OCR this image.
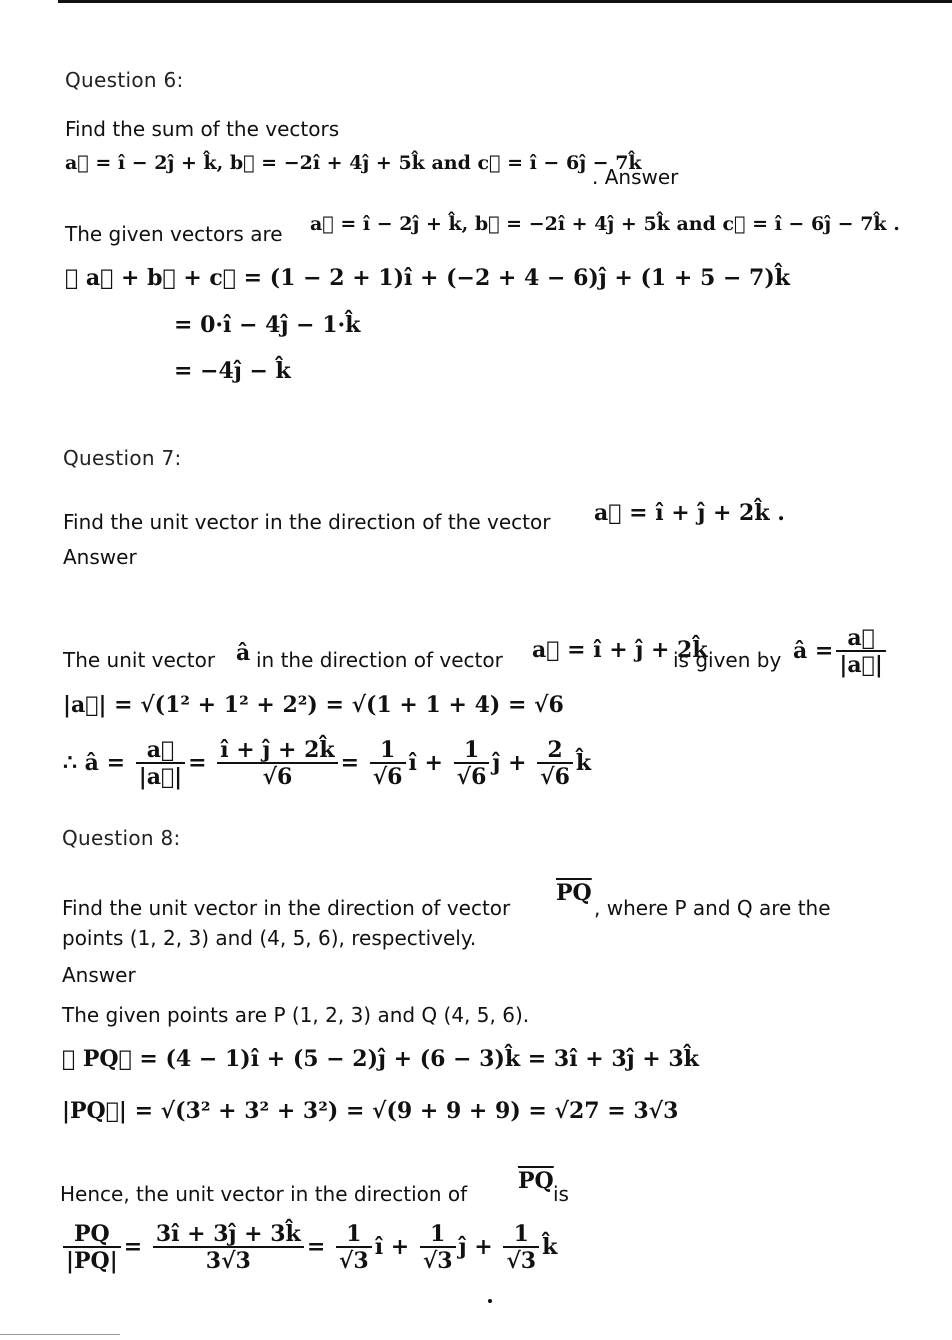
Question 6:
Find the sum of the vectors
a⃗ = î − 2ĵ + k̂, b⃗ = −2î + 4ĵ + 5k̂ and c⃗ = î − 6ĵ − 7k̂
. Answer
The given vectors are a⃗ = î − 2ĵ + k̂, b⃗ = −2î + 4ĵ + 5k̂ and c⃗ = î − 6ĵ − 7k̂ .
∴ a⃗ + b⃗ + c⃗ = (1 − 2 + 1)î + (−2 + 4 − 6)ĵ + (1 + 5 − 7)k̂
= 0·î − 4ĵ − 1·k̂
= −4ĵ − k̂
Question 7:
Find the unit vector in the direction of the vector a⃗ = î + ĵ + 2k̂ .
Answer
The unit vector â in the direction of vector a⃗ = î + ĵ + 2k̂
is given by â = $\frac{a⃗}{|a⃗|}$
|a⃗| = √(1² + 1² + 2²) = √(1 + 1 + 4) = √6
∴ â = $\frac{a⃗}{|a⃗|} = \frac{î + ĵ + 2k̂}{√6} = \frac{1}{√6}$ î + $\frac{1}{√6}$ ĵ + $\frac{2}{√6}$ k̂
Question 8:
Find the unit vector in the direction of vector
$\overline{PQ}$
, where P and Q are the
points (1, 2, 3) and (4, 5, 6), respectively.
Answer
The given points are P (1, 2, 3) and Q (4, 5, 6).
∴ PQ⃗ = (4 − 1)î + (5 − 2)ĵ + (6 − 3)k̂ = 3î + 3ĵ + 3k̂
|PQ⃗| = √(3² + 3² + 3²) = √(9 + 9 + 9) = √27 = 3√3
Hence, the unit vector in the direction of $\overline{PQ}$ is
$\frac{PQ}{|PQ|} = \frac{3î + 3ĵ + 3k̂}{3√3} = \frac{1}{√3}$ î + $\frac{1}{√3}$ ĵ + $\frac{1}{√3}$ k̂
